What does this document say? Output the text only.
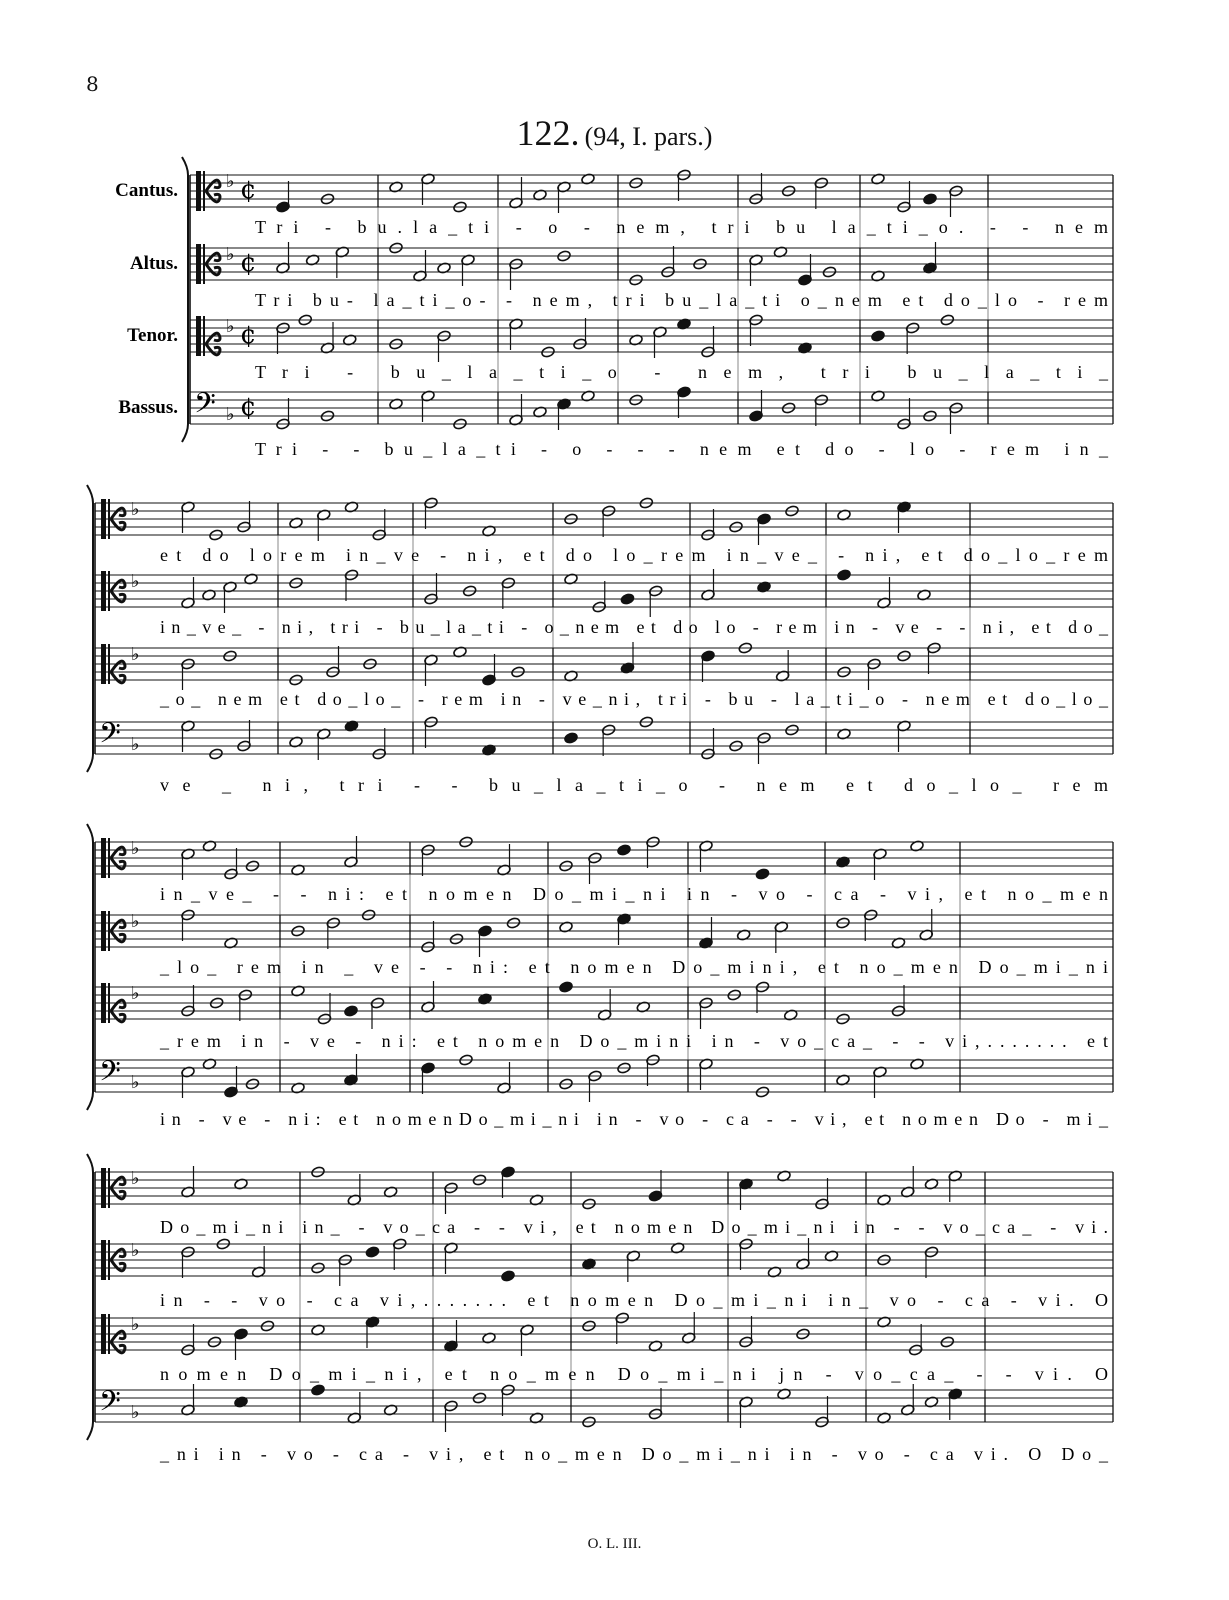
8
122. (94, I. pars.)
O. L. III.
♭ ¢
♭ ¢
♭ ¢
𝄢 ♭ ¢
Cantus.
Altus.
Tenor.
Bassus.
Tri - bu.la_ti - o - nem, tri bu la_ti_o. - - nem
Tri bu- la_ti_o- - nem, tri bu_la_ti o_nem et do_lo - rem
Tri - bu_la_ti_o - nem, tri bu_la_ti_
Tri - - bu_la_ti - o - - - nem et do - lo - rem in_
♭
♭
♭
𝄢 ♭
et do lorem in_ve - ni, et do lo_rem in_ve_ - ni, et do_lo_rem
in_ve_ - ni, tri - bu_la_ti - o_nem et do lo - rem in - ve - - ni, et do_
_o_ nem et do_lo_ - rem in - ve_ni, tri - bu - la_ti_o - nem et do_lo_
ve _ ni, tri - - bu_la_ti_o - nem et do_lo_ rem
♭
♭
♭
𝄢 ♭
in_ve_ - - ni: et nomen Do_mi_ni in - vo - ca - vi, et no_men
_lo_ rem in _ ve - - ni: et nomen Do_mini, et no_men Do_mi_ni
_rem in - ve - ni: et nomen Do_mini in - vo_ca_ - - vi,....... et
in - ve - ni: et nomenDo_mi_ni in - vo - ca - - vi, et nomen Do - mi_
♭
♭
♭
𝄢 ♭
Do_mi_ni in_ - vo_ca - - vi, et nomen Do_mi_ni in - - vo_ca_ - vi.
in - - vo - ca vi,....... et nomen Do_mi_ni in_ vo - ca - vi. O
nomen Do_mi_ni, et no_men Do_mi_ni jn - vo_ca_ - - vi. O
_ni in - vo - ca - vi, et no_men Do_mi_ni in - vo - ca vi. O Do_
